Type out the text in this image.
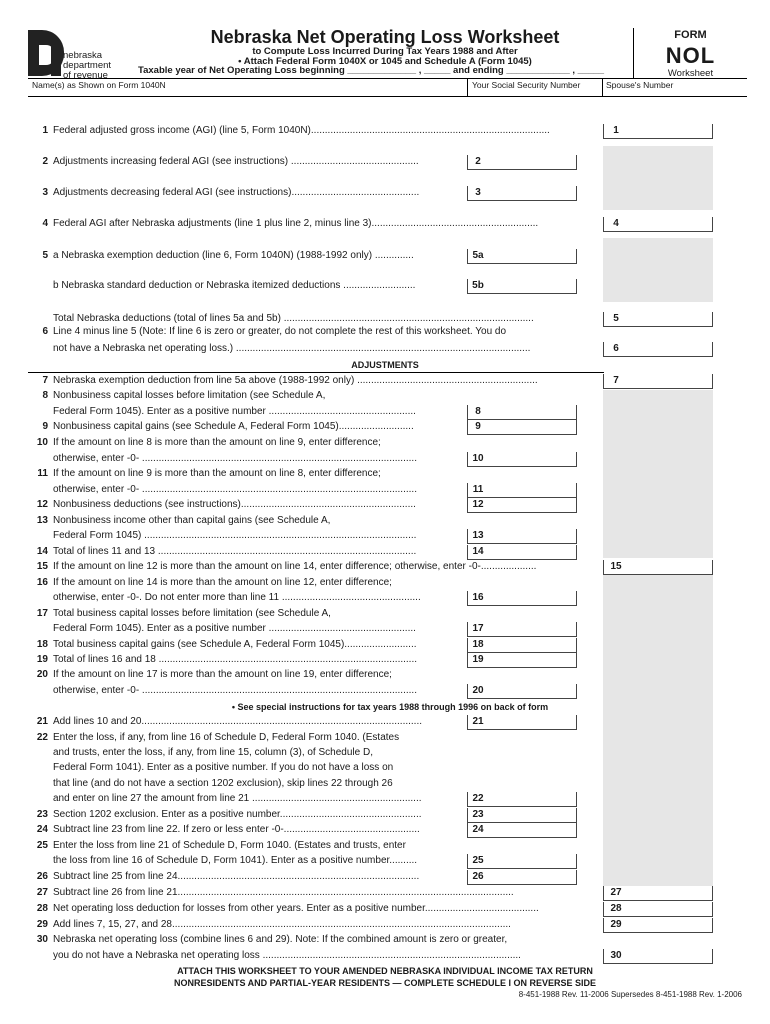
nebraska
department
of revenue
Nebraska Net Operating Loss Worksheet
to Compute Loss Incurred During Tax Years 1988 and After
• Attach Federal Form 1040X or 1045 and Schedule A (Form 1045)
Taxable year of Net Operating Loss beginning _____________ , _____ and ending ____________ , _____
FORM
NOL
Worksheet
Name(s) as Shown on Form 1040N	Your Social Security Number	Spouse's Number
ADJUSTMENTS
• See special instructions for tax years 1988 through 1996 on back of form
1 Federal adjusted gross income (AGI) (line 5, Form 1040N)......................................................................................	1
2 Adjustments increasing federal AGI (see instructions) ..............................................	2
3 Adjustments decreasing federal AGI (see instructions)..............................................	3
4 Federal AGI after Nebraska adjustments (line 1 plus line 2, minus line 3)............................................................	4
5 a Nebraska exemption deduction (line 6, Form 1040N) (1988-1992 only) ..............	5a
b Nebraska standard deduction or Nebraska itemized deductions ..........................	5b
Total Nebraska deductions (total of lines 5a and 5b) ..........................................................................................	5
6 Line 4 minus line 5 (Note: If line 6 is zero or greater, do not complete the rest of this worksheet. You do
not have a Nebraska net operating loss.) ..........................................................................................................	6
7 Nebraska exemption deduction from line 5a above (1988-1992 only) .................................................................	7
8 Nonbusiness capital losses before limitation (see Schedule A,
Federal Form 1045). Enter as a positive number .....................................................	8
9 Nonbusiness capital gains (see Schedule A, Federal Form 1045)...........................	9
10 If the amount on line 8 is more than the amount on line 9, enter difference;
otherwise, enter -0- ...................................................................................................	10
11 If the amount on line 9 is more than the amount on line 8, enter difference;
otherwise, enter -0- ...................................................................................................	11
12 Nonbusiness deductions (see instructions)...............................................................	12
13 Nonbusiness income other than capital gains (see Schedule A,
Federal Form 1045) ..................................................................................................	13
14 Total of lines 11 and 13 .............................................................................................	14
15 If the amount on line 12 is more than the amount on line 14, enter difference; otherwise, enter -0-....................	15
16 If the amount on line 14 is more than the amount on line 12, enter difference;
otherwise, enter -0-. Do not enter more than line 11 ..................................................	16
17 Total business capital losses before limitation (see Schedule A,
Federal Form 1045). Enter as a positive number .....................................................	17
18 Total business capital gains (see Schedule A, Federal Form 1045)..........................	18
19 Total of lines 16 and 18 .............................................................................................	19
20 If the amount on line 17 is more than the amount on line 19, enter difference;
otherwise, enter -0- ...................................................................................................	20
21 Add lines 10 and 20.....................................................................................................	21
22 Enter the loss, if any, from line 16 of Schedule D, Federal Form 1040. (Estates
and trusts, enter the loss, if any, from line 15, column (3), of Schedule D,
Federal Form 1041). Enter as a positive number. If you do not have a loss on
that line (and do not have a section 1202 exclusion), skip lines 22 through 26
and enter on line 27 the amount from line 21 .............................................................	22
23 Section 1202 exclusion. Enter as a positive number...................................................	23
24 Subtract line 23 from line 22. If zero or less enter -0-.................................................	24
25 Enter the loss from line 21 of Schedule D, Form 1040. (Estates and trusts, enter
the loss from line 16 of Schedule D, Form 1041). Enter as a positive number..........	25
26 Subtract line 25 from line 24.......................................................................................	26
27 Subtract line 26 from line 21.........................................................................................................................	27
28 Net operating loss deduction for losses from other years. Enter as a positive number.........................................	28
29 Add lines 7, 15, 27, and 28..........................................................................................................................	29
30 Nebraska net operating loss (combine lines 6 and 29). Note: If the combined amount is zero or greater,
you do not have a Nebraska net operating loss .............................................................................................	30
ATTACH THIS WORKSHEET TO YOUR AMENDED NEBRASKA INDIVIDUAL INCOME TAX RETURN
NONRESIDENTS AND PARTIAL-YEAR RESIDENTS — COMPLETE SCHEDULE I ON REVERSE SIDE
8-451-1988 Rev. 11-2006 Supersedes 8-451-1988 Rev. 1-2006
